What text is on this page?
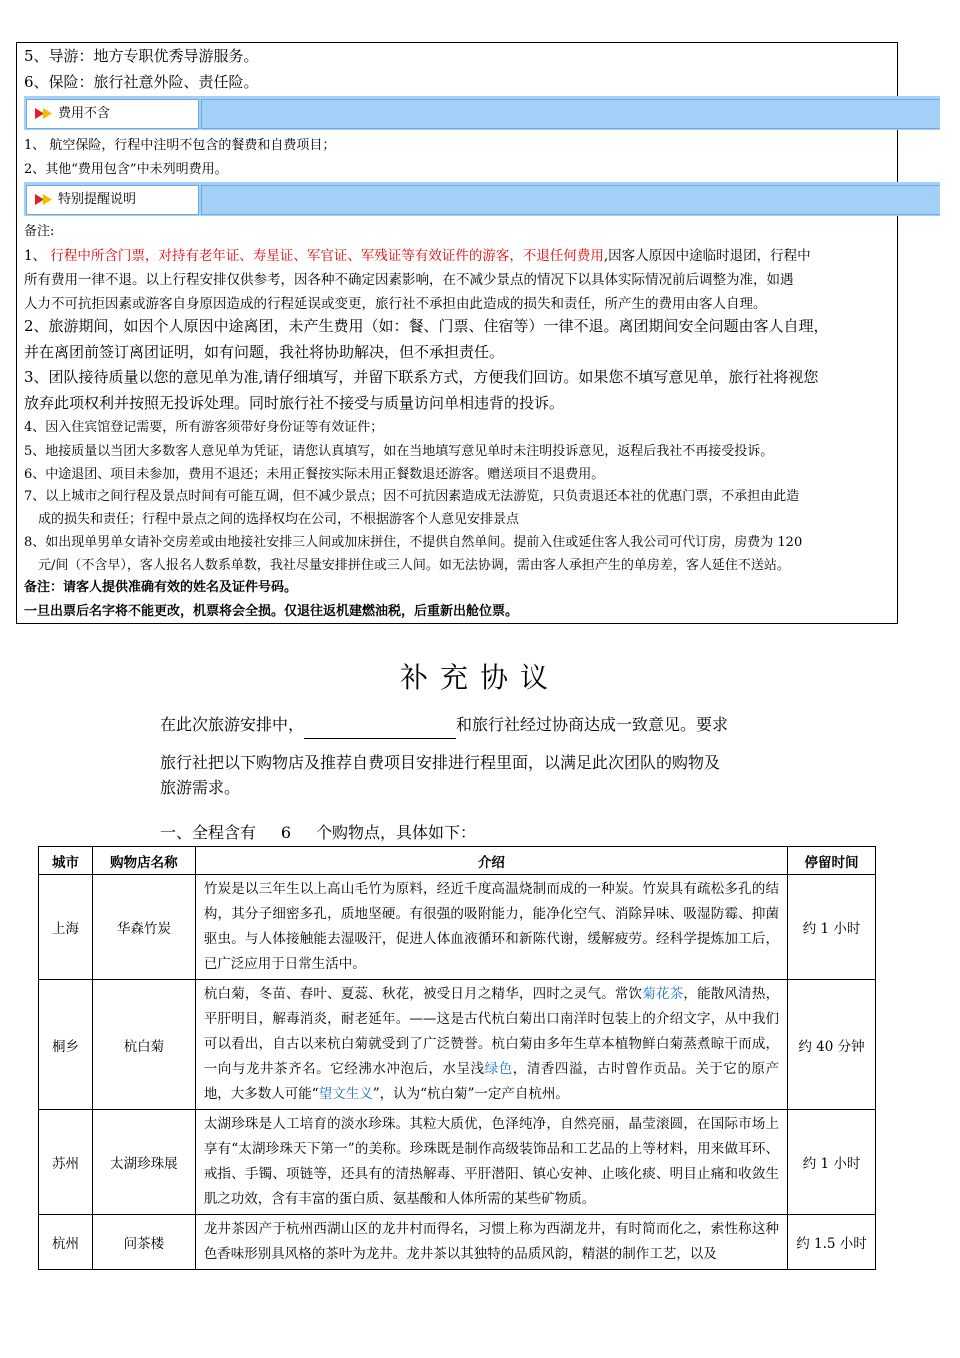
5、导游：地方专职优秀导游服务。
6、保险：旅行社意外险、责任险。
费用不含
1、 航空保险，行程中注明不包含的餐费和自费项目；
2、其他“费用包含”中未列明费用。
特别提醒说明
备注:
1、 行程中所含门票，对持有老年证、寿星证、军官证、军残证等有效证件的游客，不退任何费用,因客人原因中途临时退团，行程中
所有费用一律不退。以上行程安排仅供参考，因各种不确定因素影响，在不减少景点的情况下以具体实际情况前后调整为准，如遇
人力不可抗拒因素或游客自身原因造成的行程延误或变更，旅行社不承担由此造成的损失和责任，所产生的费用由客人自理。
2、旅游期间，如因个人原因中途离团，未产生费用（如：餐、门票、住宿等）一律不退。离团期间安全问题由客人自理，
并在离团前签订离团证明，如有问题，我社将协助解决，但不承担责任。
3、团队接待质量以您的意见单为准,请仔细填写，并留下联系方式，方便我们回访。如果您不填写意见单，旅行社将视您
放弃此项权利并按照无投诉处理。同时旅行社不接受与质量访问单相违背的投诉。
4、因入住宾馆登记需要，所有游客须带好身份证等有效证件；
5、地接质量以当团大多数客人意见单为凭证，请您认真填写，如在当地填写意见单时未注明投诉意见，返程后我社不再接受投诉。
6、中途退团、项目未参加，费用不退还；未用正餐按实际未用正餐数退还游客。赠送项目不退费用。
7、以上城市之间行程及景点时间有可能互调，但不减少景点；因不可抗因素造成无法游览，只负责退还本社的优惠门票，不承担由此造
成的损失和责任；行程中景点之间的选择权均在公司，不根据游客个人意见安排景点
8、如出现单男单女请补交房差或由地接社安排三人间或加床拼住，不提供自然单间。提前入住或延住客人我公司可代订房，房费为 120
元/间（不含早），客人报名人数系单数，我社尽量安排拼住或三人间。如无法协调，需由客人承担产生的单房差，客人延住不送站。
备注：请客人提供准确有效的姓名及证件号码。
一旦出票后名字将不能更改，机票将会全损。仅退往返机建燃油税，后重新出舱位票。
补充协议
在此次旅游安排中，	和旅行社经过协商达成一致意见。要求
旅行社把以下购物店及推荐自费项目安排进行程里面，以满足此次团队的购物及
旅游需求。
一、全程含有 6 个购物点，具体如下：
城市	购物店名称	介绍	停留时间
上海	华森竹炭	竹炭是以三年生以上高山毛竹为原料，经近千度高温烧制而成的一种炭。竹炭具有疏松多孔的结构，其分子细密多孔，质地坚硬。有很强的吸附能力，能净化空气、消除异味、吸湿防霉、抑菌驱虫。与人体接触能去湿吸汗，促进人体血液循环和新陈代谢，缓解疲劳。经科学提炼加工后，已广泛应用于日常生活中。	约 1 小时
桐乡	杭白菊	杭白菊，冬苗、春叶、夏蕊、秋花，被受日月之精华，四时之灵气。常饮菊花茶，能散风清热，平肝明目，解毒消炎，耐老延年。——这是古代杭白菊出口南洋时包装上的介绍文字，从中我们可以看出，自古以来杭白菊就受到了广泛赞誉。杭白菊由多年生草本植物鲜白菊蒸煮晾干而成，一向与龙井茶齐名。它经沸水冲泡后，水呈浅绿色，清香四溢，古时曾作贡品。关于它的原产地，大多数人可能“望文生义”，认为“杭白菊”一定产自杭州。	约 40 分钟
苏州	太湖珍珠展	太湖珍珠是人工培育的淡水珍珠。其粒大质优，色泽纯净，自然亮丽，晶莹滚圆，在国际市场上享有“太湖珍珠天下第一”的美称。珍珠既是制作高级装饰品和工艺品的上等材料，用来做耳环、戒指、手镯、项链等，还具有的清热解毒、平肝潜阳、镇心安神、止咳化痰、明目止痛和收敛生肌之功效，含有丰富的蛋白质、氨基酸和人体所需的某些矿物质。	约 1 小时
杭州	问茶楼	龙井茶因产于杭州西湖山区的龙井村而得名，习惯上称为西湖龙井，有时简而化之，索性称这种色香味形别具风格的茶叶为龙井。龙井茶以其独特的品质风韵，精湛的制作工艺，以及	约 1.5 小时
